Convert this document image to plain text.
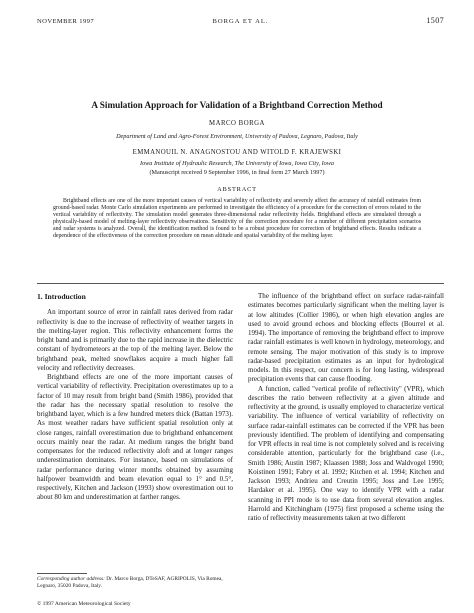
NOVEMBER 1997	BORGA ET AL.	1507
A Simulation Approach for Validation of a Brightband Correction Method
MARCO BORGA
Department of Land and Agro-Forest Environment, University of Padova, Legnaro, Padova, Italy
EMMANOUIL N. ANAGNOSTOU AND WITOLD F. KRAJEWSKI
Iowa Institute of Hydraulic Research, The University of Iowa, Iowa City, Iowa
(Manuscript received 9 September 1996, in final form 27 March 1997)
ABSTRACT

Brightband effects are one of the more important causes of vertical variability of reflectivity and severely affect the accuracy of rainfall estimates from ground-based radar. Monte Carlo simulation experiments are performed to investigate the efficiency of a procedure for the correction of errors related to the vertical variability of reflectivity. The simulation model generates three-dimensional radar reflectivity fields. Brightband effects are simulated through a physically-based model of melting-layer reflectivity observations. Sensitivity of the correction procedure for a number of different precipitation scenarios and radar systems is analyzed. Overall, the identification method is found to be a robust procedure for correction of brightband effects. Results indicate a dependence of the effectiveness of the correction procedure on mean altitude and spatial variability of the melting layer.

1. Introduction

An important source of error in rainfall rates derived from radar reflectivity is due to the increase of reflectivity of weather targets in the melting-layer region. This reflectivity enhancement forms the bright band and is primarily due to the rapid increase in the dielectric constant of hydrometeors at the top of the melting layer. Below the brightband peak, melted snowflakes acquire a much higher fall velocity and reflectivity decreases.

Brightband effects are one of the more important causes of vertical variability of reflectivity. Precipitation overestimates up to a factor of 10 may result from bright band (Smith 1986), provided that the radar has the necessary spatial resolution to resolve the brightband layer, which is a few hundred meters thick (Battan 1973). As most weather radars have sufficient spatial resolution only at close ranges, rainfall overestimation due to brightband enhancement occurs mainly near the radar. At medium ranges the bright band compensates for the reduced reflectivity aloft and at longer ranges underestimation dominates. For instance, based on simulations of radar performance during winter months obtained by assuming halfpower beamwidth and beam elevation equal to 1° and 0.5°, respectively, Kitchen and Jackson (1993) show overestimation out to about 80 km and underestimation at farther ranges.

The influence of the brightband effect on surface radar-rainfall estimates becomes particularly significant when the melting layer is at low altitudes (Collier 1986), or when high elevation angles are used to avoid ground echoes and blocking effects (Bourrel et al. 1994). The importance of removing the brightband effect to improve radar rainfall estimates is well known in hydrology, meteorology, and remote sensing. The major motivation of this study is to improve radar-based precipitation estimates as an input for hydrological models. In this respect, our concern is for long lasting, widespread precipitation events that can cause flooding.

A function, called ''vertical profile of reflectivity'' (VPR), which describes the ratio between reflectivity at a given altitude and reflectivity at the ground, is usually employed to characterize vertical variability. The influence of vertical variability of reflectivity on surface radar-rainfall estimates can be corrected if the VPR has been previously identified. The problem of identifying and compensating for VPR effects in real time is not completely solved and is receiving considerable attention, particularly for the brightband case (i.e., Smith 1986; Austin 1987; Klaassen 1988; Joss and Waldvogel 1990; Koistinen 1991; Fabry et al. 1992; Kitchen et al. 1994; Kitchen and Jackson 1993; Andrieu and Creutin 1995; Joss and Lee 1995; Hardaker et al. 1995). One way to identify VPR with a radar scanning in PPI mode is to use data from several elevation angles. Harrold and Kitchingham (1975) first proposed a scheme using the ratio of reflectivity measurements taken at two different

Corresponding author address: Dr. Marco Borga, DTeSAF, AGRIPOLIS, Via Romea, Legnaro, 35020 Padova, Italy.
© 1997 American Meteorological Society
